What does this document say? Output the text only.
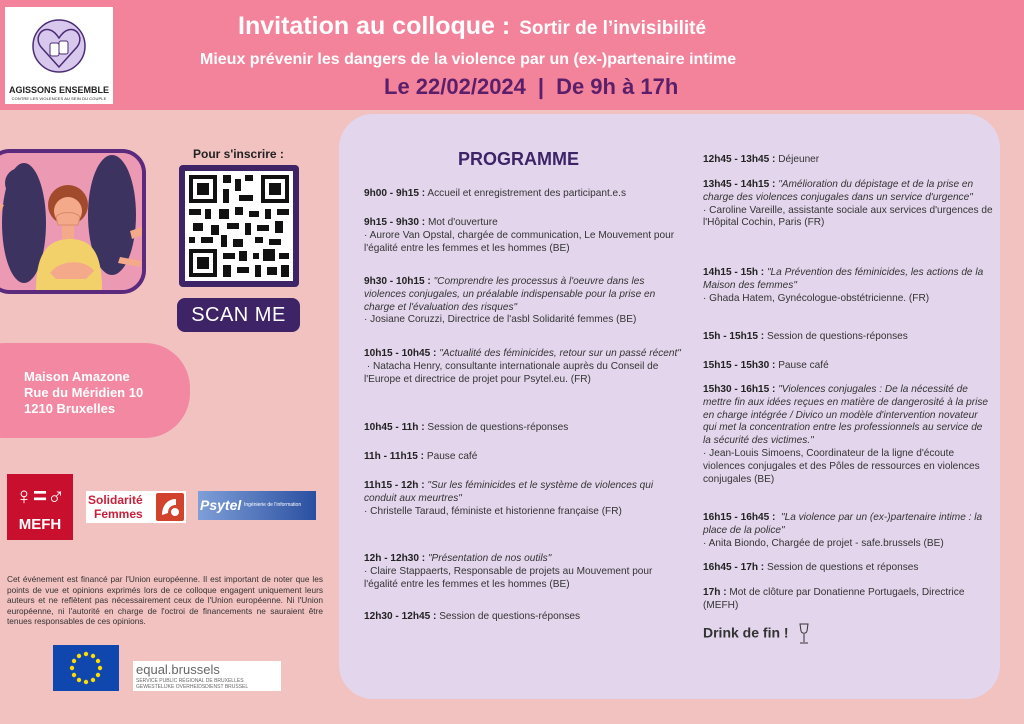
AGISSONS ENSEMBLE
CONTRE LES VIOLENCES AU SEIN DU COUPLE
Invitation au colloque : Sortir de l’invisibilité
Mieux prévenir les dangers de la violence par un (ex-)partenaire intime
Le 22/02/2024 | De 9h à 17h
Pour s'inscrire :
SCAN ME
Maison Amazone
Rue du Méridien 10
1210 Bruxelles
♀=♂
MEFH
Solidarité
Femmes
Psytel Ingénierie de l'information
Cet événement est financé par l'Union européenne. Il est important de noter que les points de vue et opinions exprimés lors de ce colloque engagent uniquement leurs auteurs et ne reflètent pas nécessairement ceux de l'Union européenne. Ni l'Union européenne, ni l'autorité en charge de l'octroi de financements ne sauraient être tenues responsables de ces opinions.
equal.brussels
SERVICE PUBLIC RÉGIONAL DE BRUXELLES
GEWESTELIJKE OVERHEIDSDIENST BRUSSEL
PROGRAMME
9h00 - 9h15 : Accueil et enregistrement des participant.e.s
9h15 - 9h30 : Mot d'ouverture
· Aurore Van Opstal, chargée de communication, Le Mouvement pour l'égalité entre les femmes et les hommes (BE)
9h30 - 10h15 : "Comprendre les processus à l'oeuvre dans les violences conjugales, un préalable indispensable pour la prise en charge et l'évaluation des risques"
· Josiane Coruzzi, Directrice de l'asbl Solidarité femmes (BE)
10h15 - 10h45 : "Actualité des féminicides, retour sur un passé récent"
· Natacha Henry, consultante internationale auprès du Conseil de l'Europe et directrice de projet pour Psytel.eu. (FR)
10h45 - 11h : Session de questions-réponses
11h - 11h15 : Pause café
11h15 - 12h : "Sur les féminicides et le système de violences qui conduit aux meurtres"
· Christelle Taraud, féministe et historienne française (FR)
12h - 12h30 : "Présentation de nos outils"
· Claire Stappaerts, Responsable de projets au Mouvement pour l'égalité entre les femmes et les hommes (BE)
12h30 - 12h45 : Session de questions-réponses
12h45 - 13h45 : Déjeuner
13h45 - 14h15 : "Amélioration du dépistage et de la prise en charge des violences conjugales dans un service d'urgence"
· Caroline Vareille, assistante sociale aux services d'urgences de l'Hôpital Cochin, Paris (FR)
14h15 - 15h : "La Prévention des féminicides, les actions de la Maison des femmes"
· Ghada Hatem, Gynécologue-obstétricienne. (FR)
15h - 15h15 : Session de questions-réponses
15h15 - 15h30 : Pause café
15h30 - 16h15 : "Violences conjugales : De la nécessité de mettre fin aux idées reçues en matière de dangerosité à la prise en charge intégrée / Divico un modèle d'intervention novateur qui met la concentration entre les professionnels au service de la sécurité des victimes."
· Jean-Louis Simoens, Coordinateur de la ligne d'écoute violences conjugales et des Pôles de ressources en violences conjugales (BE)
16h15 - 16h45 : "La violence par un (ex-)partenaire intime : la place de la police"
· Anita Biondo, Chargée de projet - safe.brussels (BE)
16h45 - 17h : Session de questions et réponses
17h : Mot de clôture par Donatienne Portugaels, Directrice (MEFH)
Drink de fin !
